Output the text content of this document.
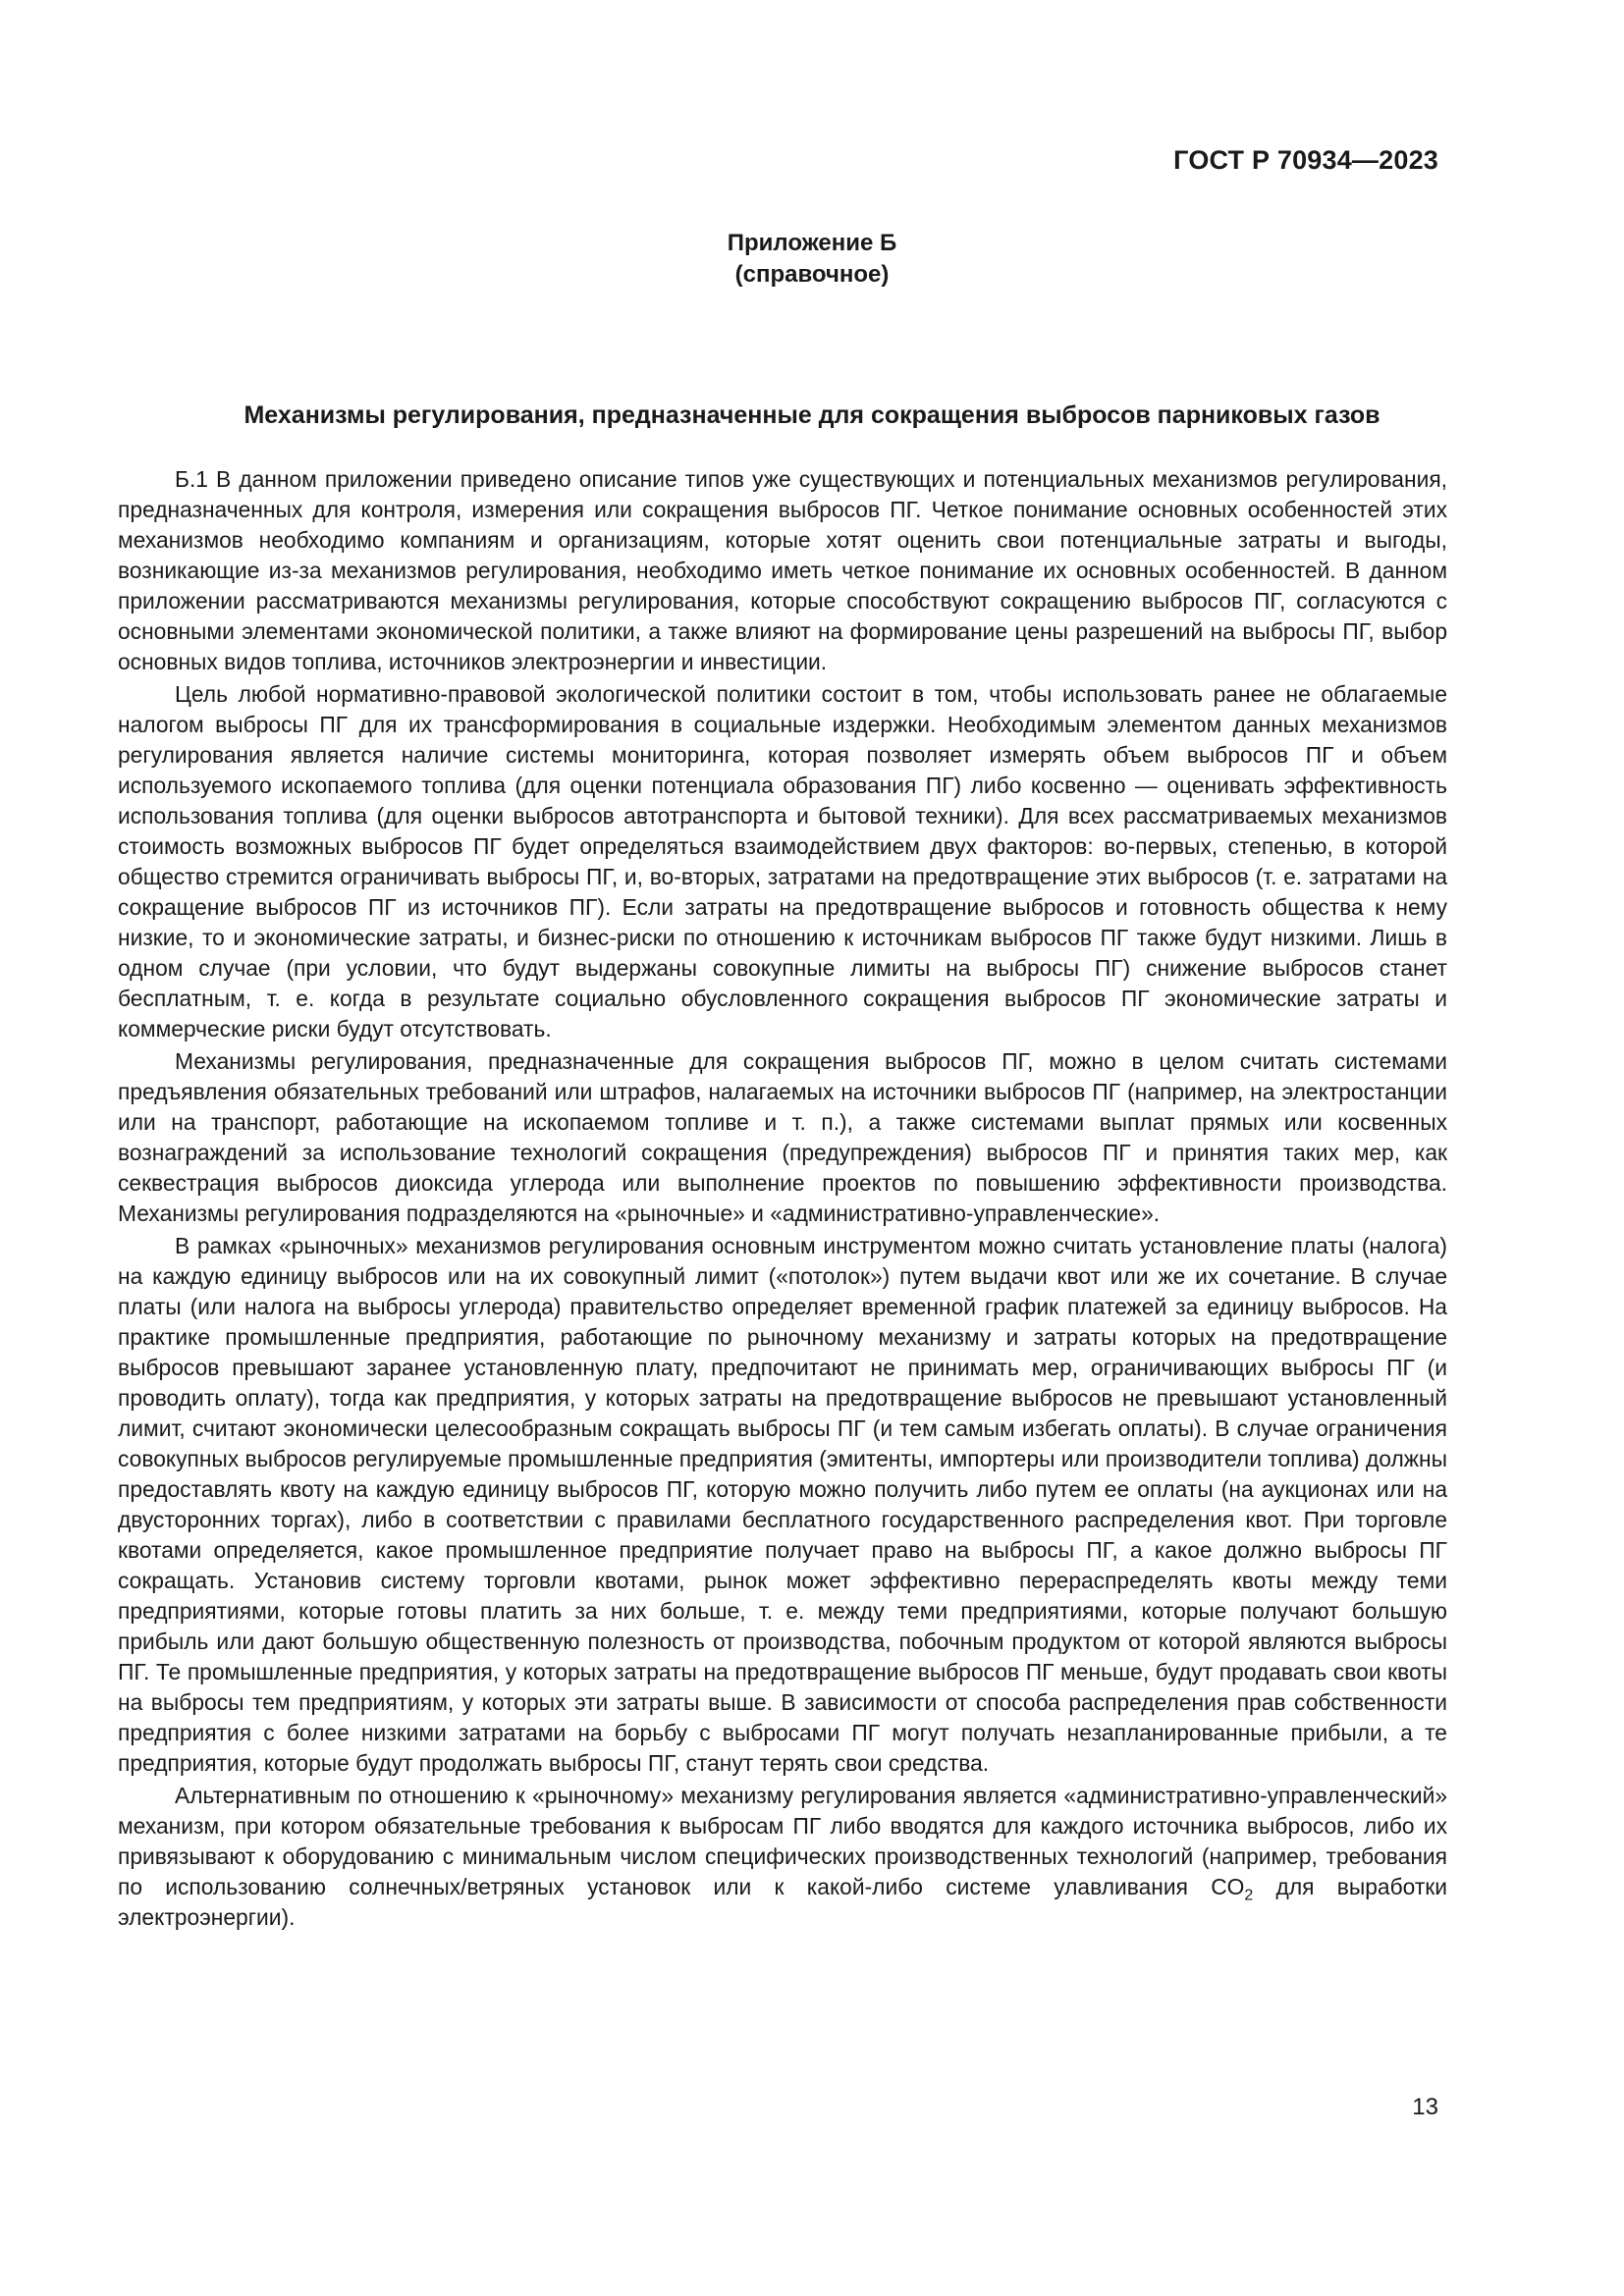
ГОСТ Р 70934—2023
Приложение Б
(справочное)
Механизмы регулирования, предназначенные для сокращения выбросов парниковых газов

Б.1 В данном приложении приведено описание типов уже существующих и потенциальных механизмов регулирования, предназначенных для контроля, измерения или сокращения выбросов ПГ. Четкое понимание основных особенностей этих механизмов необходимо компаниям и организациям, которые хотят оценить свои потенциальные затраты и выгоды, возникающие из-за механизмов регулирования, необходимо иметь четкое понимание их основных особенностей. В данном приложении рассматриваются механизмы регулирования, которые способствуют сокращению выбросов ПГ, согласуются с основными элементами экономической политики, а также влияют на формирование цены разрешений на выбросы ПГ, выбор основных видов топлива, источников электроэнергии и инвестиции.

Цель любой нормативно-правовой экологической политики состоит в том, чтобы использовать ранее не облагаемые налогом выбросы ПГ для их трансформирования в социальные издержки. Необходимым элементом данных механизмов регулирования является наличие системы мониторинга, которая позволяет измерять объем выбросов ПГ и объем используемого ископаемого топлива (для оценки потенциала образования ПГ) либо косвенно — оценивать эффективность использования топлива (для оценки выбросов автотранспорта и бытовой техники). Для всех рассматриваемых механизмов стоимость возможных выбросов ПГ будет определяться взаимодействием двух факторов: во-первых, степенью, в которой общество стремится ограничивать выбросы ПГ, и, во-вторых, затратами на предотвращение этих выбросов (т. е. затратами на сокращение выбросов ПГ из источников ПГ). Если затраты на предотвращение выбросов и готовность общества к нему низкие, то и экономические затраты, и бизнес-риски по отношению к источникам выбросов ПГ также будут низкими. Лишь в одном случае (при условии, что будут выдержаны совокупные лимиты на выбросы ПГ) снижение выбросов станет бесплатным, т. е. когда в результате социально обусловленного сокращения выбросов ПГ экономические затраты и коммерческие риски будут отсутствовать.

Механизмы регулирования, предназначенные для сокращения выбросов ПГ, можно в целом считать системами предъявления обязательных требований или штрафов, налагаемых на источники выбросов ПГ (например, на электростанции или на транспорт, работающие на ископаемом топливе и т. п.), а также системами выплат прямых или косвенных вознаграждений за использование технологий сокращения (предупреждения) выбросов ПГ и принятия таких мер, как секвестрация выбросов диоксида углерода или выполнение проектов по повышению эффективности производства. Механизмы регулирования подразделяются на «рыночные» и «административно-управленческие».

В рамках «рыночных» механизмов регулирования основным инструментом можно считать установление платы (налога) на каждую единицу выбросов или на их совокупный лимит («потолок») путем выдачи квот или же их сочетание. В случае платы (или налога на выбросы углерода) правительство определяет временной график платежей за единицу выбросов. На практике промышленные предприятия, работающие по рыночному механизму и затраты которых на предотвращение выбросов превышают заранее установленную плату, предпочитают не принимать мер, ограничивающих выбросы ПГ (и проводить оплату), тогда как предприятия, у которых затраты на предотвращение выбросов не превышают установленный лимит, считают экономически целесообразным сокращать выбросы ПГ (и тем самым избегать оплаты). В случае ограничения совокупных выбросов регулируемые промышленные предприятия (эмитенты, импортеры или производители топлива) должны предоставлять квоту на каждую единицу выбросов ПГ, которую можно получить либо путем ее оплаты (на аукционах или на двусторонних торгах), либо в соответствии с правилами бесплатного государственного распределения квот. При торговле квотами определяется, какое промышленное предприятие получает право на выбросы ПГ, а какое должно выбросы ПГ сокращать. Установив систему торговли квотами, рынок может эффективно перераспределять квоты между теми предприятиями, которые готовы платить за них больше, т. е. между теми предприятиями, которые получают большую прибыль или дают большую общественную полезность от производства, побочным продуктом от которой являются выбросы ПГ. Те промышленные предприятия, у которых затраты на предотвращение выбросов ПГ меньше, будут продавать свои квоты на выбросы тем предприятиям, у которых эти затраты выше. В зависимости от способа распределения прав собственности предприятия с более низкими затратами на борьбу с выбросами ПГ могут получать незапланированные прибыли, а те предприятия, которые будут продолжать выбросы ПГ, станут терять свои средства.

Альтернативным по отношению к «рыночному» механизму регулирования является «административно-управленческий» механизм, при котором обязательные требования к выбросам ПГ либо вводятся для каждого источника выбросов, либо их привязывают к оборудованию с минимальным числом специфических производственных технологий (например, требования по использованию солнечных/ветряных установок или к какой-либо системе улавливания $CO_2$ для выработки электроэнергии).

13
